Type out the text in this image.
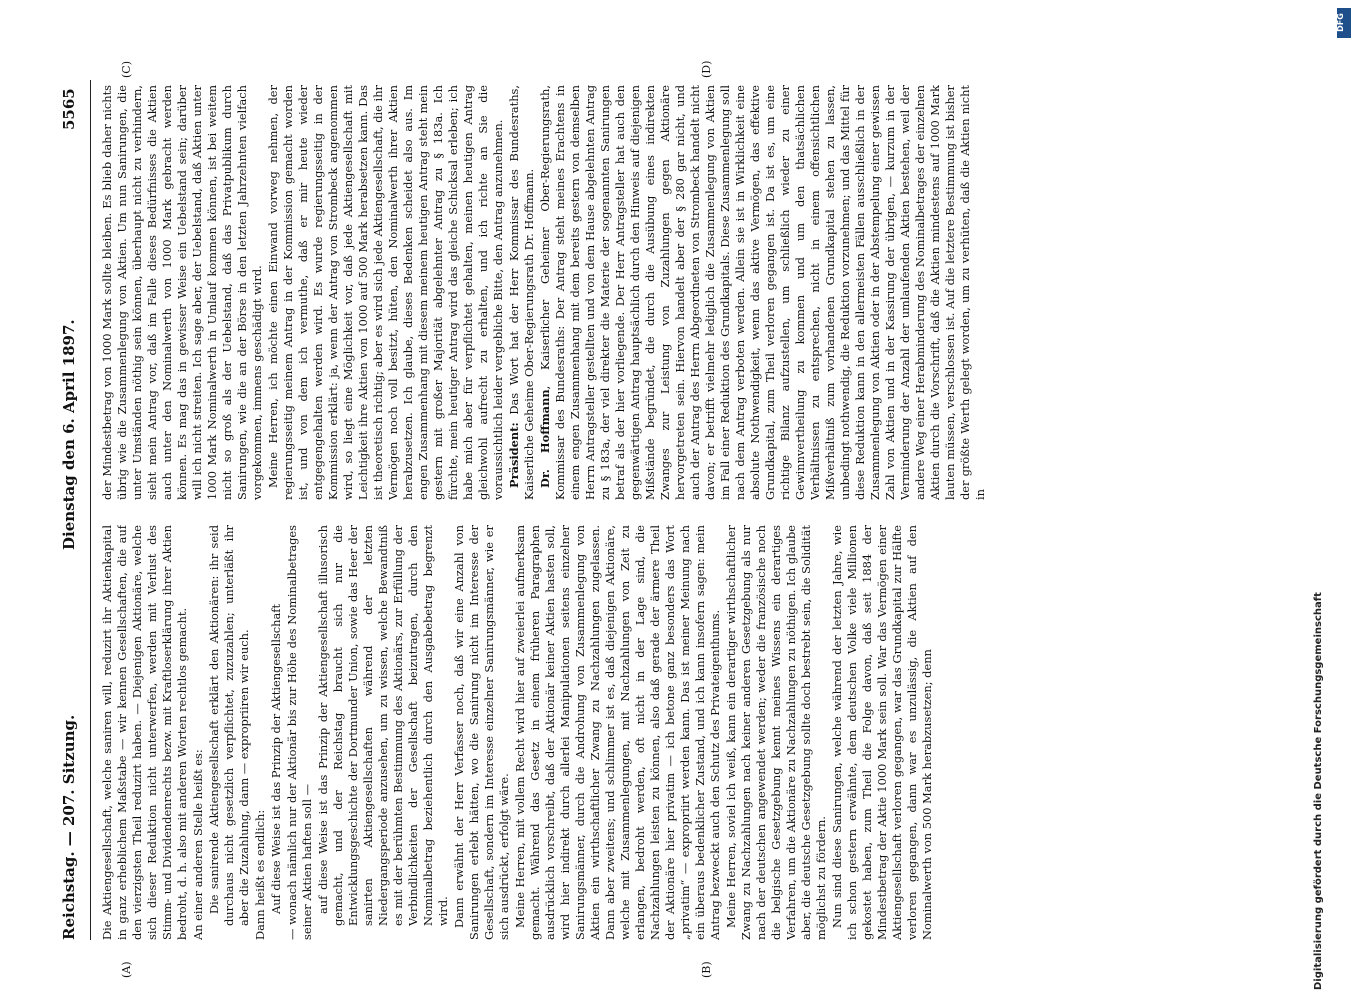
Reichstag. — 207. Sitzung.
Dienstag den 6. April 1897.
5565

Die Aktiengesellschaft, welche saniren will, reduzirt ihr Aktienkapital in ganz erheblichem Maßstabe — wir kennen Gesellschaften, die auf den vierzigsten Theil reduzirt haben. — Diejenigen Aktionäre, welche sich dieser Reduktion nicht unterwerfen, werden mit Verlust des Stimm- und Dividendenrechts bezw. mit Kraftloserklärung ihrer Aktien bedroht, d. h. also mit anderen Worten rechtlos gemacht. An einer anderen Stelle heißt es: Die sanirende Aktiengesellschaft erklärt den Aktionären: ihr seid durchaus nicht gesetzlich verpflichtet, zuzuzahlen; unterläßt ihr aber die Zuzahlung, dann — expropriiren wir euch. Dann heißt es endlich: Auf diese Weise ist das Prinzip der Aktiengesellschaft — wonach nämlich nur der Aktionär bis zur Höhe des Nominalbetrages seiner Aktien haften soll — auf diese Weise ist das Prinzip der Aktiengesellschaft illusorisch gemacht, und der Reichstag braucht sich nur die Entwicklungsgeschichte der Dortmunder Union, sowie das Heer der sanirten Aktiengesellschaften während der letzten Niedergangsperiode anzusehen, um zu wissen, welche Bewandtniß es mit der berühmten Bestimmung des Aktionärs, zur Erfüllung der Verbindlichkeiten der Gesellschaft beizutragen, durch den Nominalbetrag beziehentlich durch den Ausgabebetrag begrenzt wird. Dann erwähnt der Herr Verfasser noch, daß wir eine Anzahl von Sanirungen erlebt hätten, wo die Sanirung nicht im Interesse der Gesellschaft, sondern im Interesse einzelner Sanirungsmänner, wie er sich ausdrückt, erfolgt wäre. Meine Herren, mit vollem Recht wird hier auf zweierlei aufmerksam gemacht. Während das Gesetz in einem früheren Paragraphen ausdrücklich vorschreibt, daß der Aktionär keiner Aktien hasten soll, wird hier indirekt durch allerlei Manipulationen seitens einzelner Sanirungsmänner, durch die Androhung von Zusammenlegung von Aktien ein wirthschaftlicher Zwang zu Nachzahlungen zugelassen. Dann aber zweitens; und schlimmer ist es, daß diejenigen Aktionäre, welche mit Zusammenlegungen, mit Nachzahlungen von Zeit zu erlangen, bedroht werden, oft nicht in der Lage sind, die Nachzahlungen leisten zu können, also daß gerade der ärmere Theil der Aktionäre hier privatim — ich betone ganz besonders das Wort „privatim“ — expropriirt werden kann. Das ist meiner Meinung nach ein überaus bedenklicher Zustand, und ich kann insofern sagen: mein Antrag bezweckt auch den Schutz des Privateigenthums. Meine Herren, soviel ich weiß, kann ein derartiger wirthschaftlicher Zwang zu Nachzahlungen nach keiner anderen Gesetzgebung als nur nach der deutschen angewendet werden; weder die französische noch die belgische Gesetzgebung kennt meines Wissens ein derartiges Verfahren, um die Aktionäre zu Nachzahlungen zu nöthigen. Ich glaube aber, die deutsche Gesetzgebung sollte doch bestrebt sein, die Solidität möglichst zu fördern. Nun sind diese Sanirungen, welche während der letzten Jahre, wie ich schon gestern erwähnte, dem deutschen Volke viele Millionen gekostet haben, zum Theil die Folge davon, daß seit 1884 der Mindestbetrag der Aktie 1000 Mark sein soll. War das Vermögen einer Aktiengesellschaft verloren gegangen, war das Grundkapital zur Hälfte verloren gegangen, dann war es unzulässig, die Aktien auf den Nominalwerth von 500 Mark herabzusetzen; denn

der Mindestbetrag von 1000 Mark sollte bleiben. Es blieb daher nichts übrig wie die Zusammenlegung von Aktien. Um nun Sanirungen, die unter Umständen nöthig sein können, überhaupt nicht zu verhindern, sieht mein Antrag vor, daß im Falle dieses Bedürfnisses die Aktien auch unter den Nominalwerth von 1000 Mark gebracht werden können. Es mag das in gewisser Weise ein Uebelstand sein; darüber will ich nicht streiten. Ich sage aber, der Uebelstand, daß Aktien unter 1000 Mark Nominalwerth in Umlauf kommen können, ist bei weitem nicht so groß als der Uebelstand, daß das Privatpublikum durch Sanirungen, wie die an der Börse in den letzten Jahrzehnten vielfach vorgekommen, immens geschädigt wird. Meine Herren, ich möchte einen Einwand vorweg nehmen, der regierungsseitig meinem Antrag in der Kommission gemacht worden ist, und von dem ich vermuthe, daß er mir heute wieder entgegengehalten werden wird. Es wurde regierungsseitig in der Kommission erklärt: ja, wenn der Antrag von Strombeck angenommen wird, so liegt eine Möglichkeit vor, daß jede Aktiengesellschaft mit Leichtigkeit ihre Aktien von 1000 auf 500 Mark herabsetzen kann. Das ist theoretisch richtig; aber es wird sich jede Aktiengesellschaft, die ihr Vermögen noch voll besitzt, hüten, den Nominalwerth ihrer Aktien herabzusetzen. Ich glaube, dieses Bedenken scheidet also aus. Im engen Zusammenhang mit diesem meinem heutigen Antrag steht mein gestern mit großer Majorität abgelehnter Antrag zu § 183a. Ich fürchte, mein heutiger Antrag wird das gleiche Schicksal erleben; ich habe mich aber für verpflichtet gehalten, meinen heutigen Antrag gleichwohl aufrecht zu erhalten, und ich richte an Sie die voraussichtlich leider vergebliche Bitte, den Antrag anzunehmen. Präsident: Das Wort hat der Herr Kommissar des Bundesraths, Kaiserliche Geheime Ober-Regierungsrath Dr. Hoffmann. Dr. Hoffmann, Kaiserlicher Geheimer Ober-Regierungsrath, Kommissar des Bundesraths: Der Antrag steht meines Erachtens in einem engen Zusammenhang mit dem bereits gestern von demselben Herrn Antragsteller gestellten und von dem Hause abgelehnten Antrag zu § 183a, der viel direkter die Materie der sogenannten Sanirungen betraf als der hier vorliegende. Der Herr Antragsteller hat auch den gegenwärtigen Antrag hauptsächlich durch den Hinweis auf diejenigen Mißstände begründet, die durch die Ausübung eines indirekten Zwanges zur Leistung von Zuzahlungen gegen Aktionäre hervorgetreten sein. Hiervon handelt aber der § 280 gar nicht, und auch der Antrag des Herrn Abgeordneten von Strombeck handelt nicht davon; er betrifft vielmehr lediglich die Zusammenlegung von Aktien im Fall einer Reduktion des Grundkapitals. Diese Zusammenlegung soll nach dem Antrag verboten werden. Allein sie ist in Wirklichkeit eine absolute Nothwendigkeit, wenn das aktive Vermögen, das effektive Grundkapital, zum Theil verloren gegangen ist. Da ist es, um eine richtige Bilanz aufzustellen, um schließlich wieder zu einer Gewinnvertheilung zu kommen und um den thatsächlichen Verhältnissen zu entsprechen, nicht in einem offensichtlichen Mißverhältniß zum vorhandenen Grundkapital stehen zu lassen, unbedingt nothwendig, die Reduktion vorzunehmen; und das Mittel für diese Reduktion kann in den allermeisten Fällen ausschließlich in der Zusammenlegung von Aktien oder in der Abstempelung einer gewissen Zahl von Aktien und in der Kassirung der übrigen, — kurzum in der Verminderung der Anzahl der umlaufenden Aktien bestehen, weil der andere Weg einer Herabminderung des Nominalbetrages der einzelnen Aktien durch die Vorschrift, daß die Aktien mindestens auf 1000 Mark lauten müssen, verschlossen ist. Auf die letztere Bestimmung ist bisher der größte Werth gelegt worden, um zu verhüten, daß die Aktien nicht in

(A)	(B)
(C)	(D)
Digitalisierung gefördert durch die Deutsche Forschungsgemeinschaft
DFG
